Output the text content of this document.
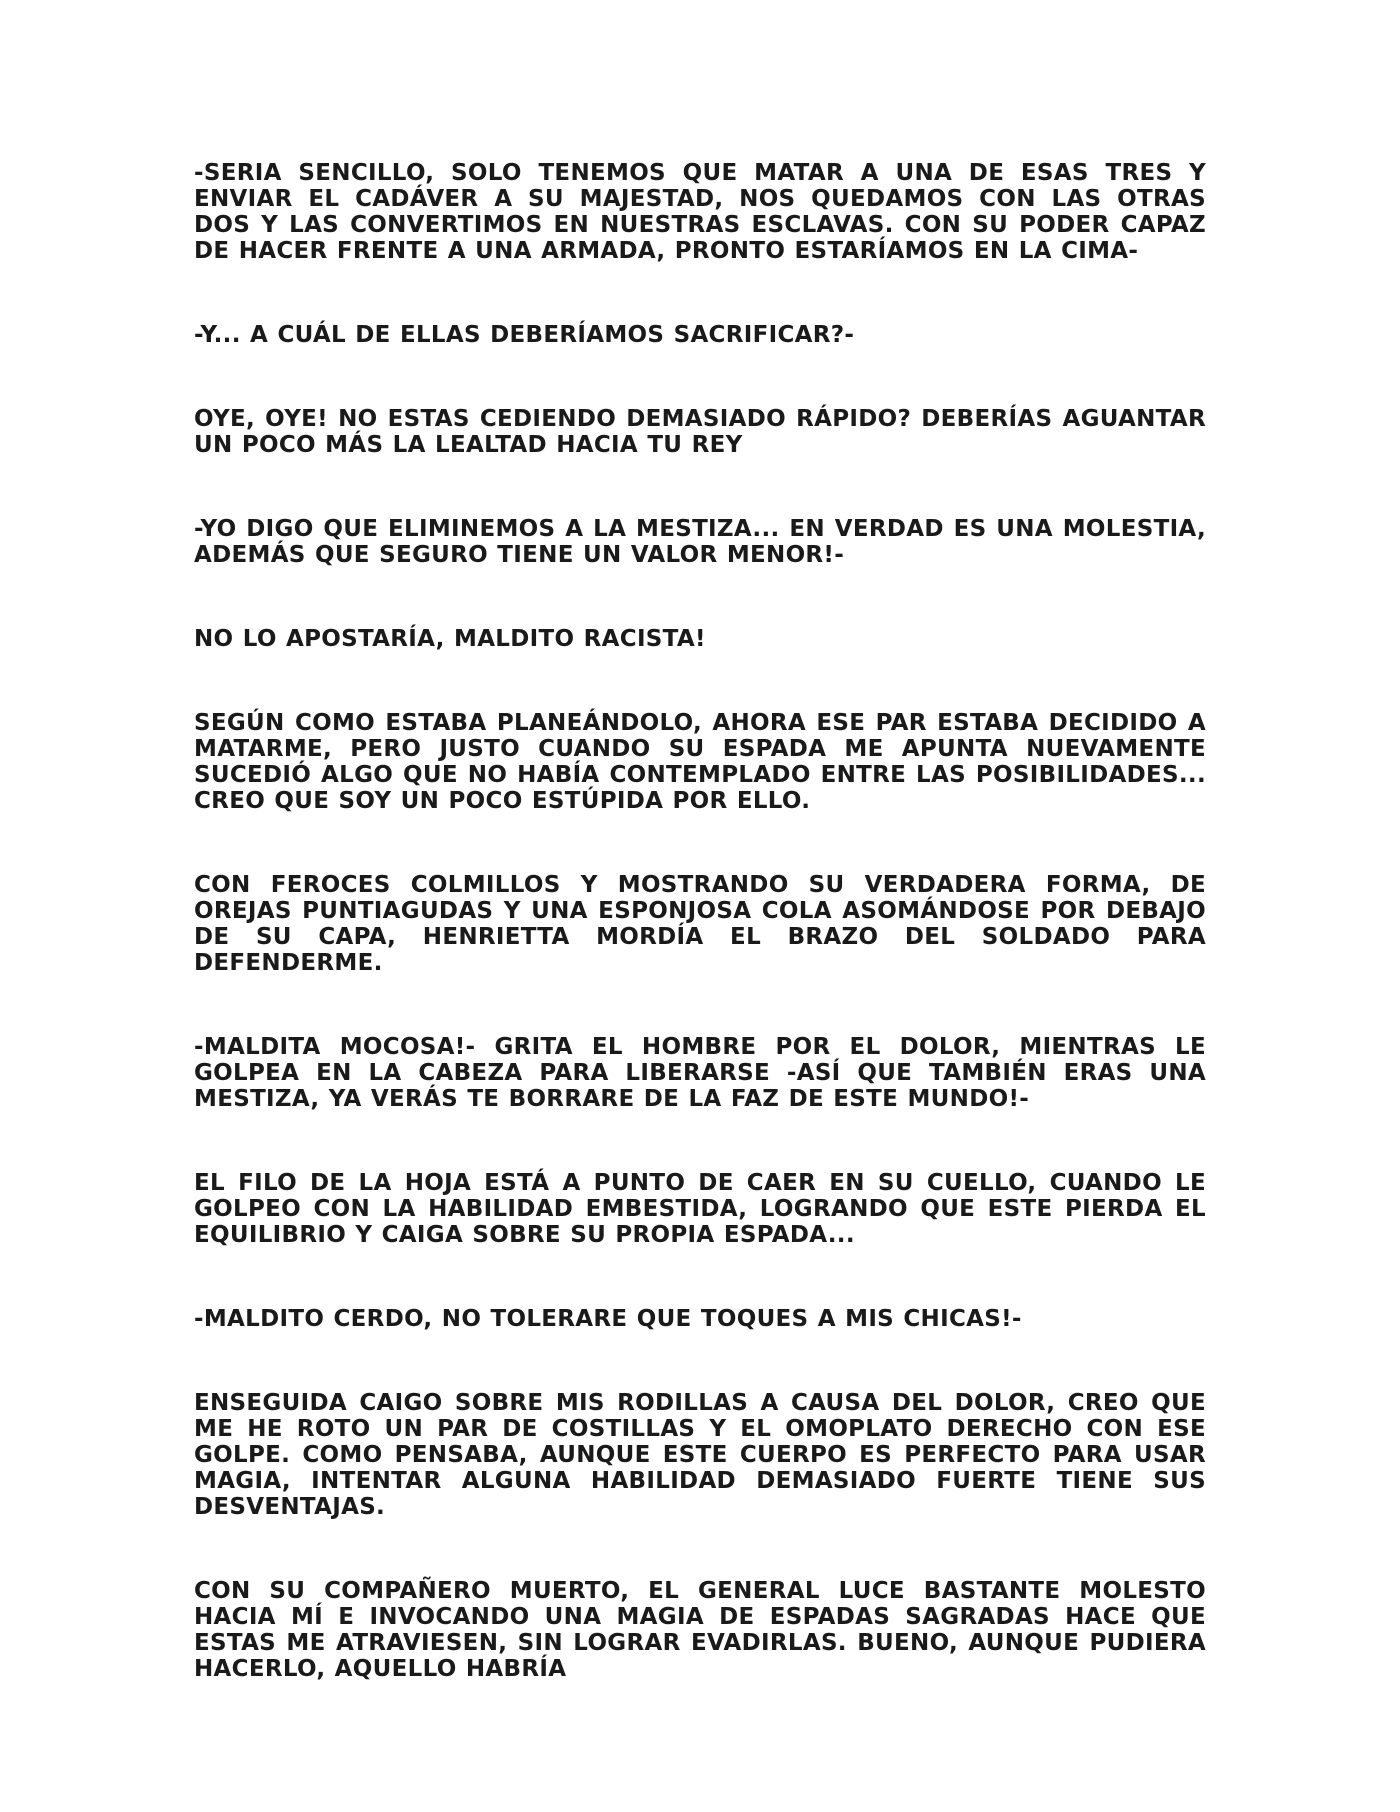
-SERIA SENCILLO, SOLO TENEMOS QUE MATAR A UNA DE ESAS TRES Y ENVIAR EL CADÁVER A SU MAJESTAD, NOS QUEDAMOS CON LAS OTRAS DOS Y LAS CONVERTIMOS EN NUESTRAS ESCLAVAS. CON SU PODER CAPAZ DE HACER FRENTE A UNA ARMADA, PRONTO ESTARÍAMOS EN LA CIMA-

-Y... A CUÁL DE ELLAS DEBERÍAMOS SACRIFICAR?-

OYE, OYE! NO ESTAS CEDIENDO DEMASIADO RÁPIDO? DEBERÍAS AGUANTAR UN POCO MÁS LA LEALTAD HACIA TU REY

-YO DIGO QUE ELIMINEMOS A LA MESTIZA... EN VERDAD ES UNA MOLESTIA, ADEMÁS QUE SEGURO TIENE UN VALOR MENOR!-

NO LO APOSTARÍA, MALDITO RACISTA!

SEGÚN COMO ESTABA PLANEÁNDOLO, AHORA ESE PAR ESTABA DECIDIDO A MATARME, PERO JUSTO CUANDO SU ESPADA ME APUNTA NUEVAMENTE SUCEDIÓ ALGO QUE NO HABÍA CONTEMPLADO ENTRE LAS POSIBILIDADES... CREO QUE SOY UN POCO ESTÚPIDA POR ELLO.

CON FEROCES COLMILLOS Y MOSTRANDO SU VERDADERA FORMA, DE OREJAS PUNTIAGUDAS Y UNA ESPONJOSA COLA ASOMÁNDOSE POR DEBAJO DE SU CAPA, HENRIETTA MORDÍA EL BRAZO DEL SOLDADO PARA DEFENDERME.

-MALDITA MOCOSA!- GRITA EL HOMBRE POR EL DOLOR, MIENTRAS LE GOLPEA EN LA CABEZA PARA LIBERARSE -ASÍ QUE TAMBIÉN ERAS UNA MESTIZA, YA VERÁS TE BORRARE DE LA FAZ DE ESTE MUNDO!-

EL FILO DE LA HOJA ESTÁ A PUNTO DE CAER EN SU CUELLO, CUANDO LE GOLPEO CON LA HABILIDAD EMBESTIDA, LOGRANDO QUE ESTE PIERDA EL EQUILIBRIO Y CAIGA SOBRE SU PROPIA ESPADA...

-MALDITO CERDO, NO TOLERARE QUE TOQUES A MIS CHICAS!-

ENSEGUIDA CAIGO SOBRE MIS RODILLAS A CAUSA DEL DOLOR, CREO QUE ME HE ROTO UN PAR DE COSTILLAS Y EL OMOPLATO DERECHO CON ESE GOLPE. COMO PENSABA, AUNQUE ESTE CUERPO ES PERFECTO PARA USAR MAGIA, INTENTAR ALGUNA HABILIDAD DEMASIADO FUERTE TIENE SUS DESVENTAJAS.

CON SU COMPAÑERO MUERTO, EL GENERAL LUCE BASTANTE MOLESTO HACIA MÍ E INVOCANDO UNA MAGIA DE ESPADAS SAGRADAS HACE QUE ESTAS ME ATRAVIESEN, SIN LOGRAR EVADIRLAS. BUENO, AUNQUE PUDIERA HACERLO, AQUELLO HABRÍA
